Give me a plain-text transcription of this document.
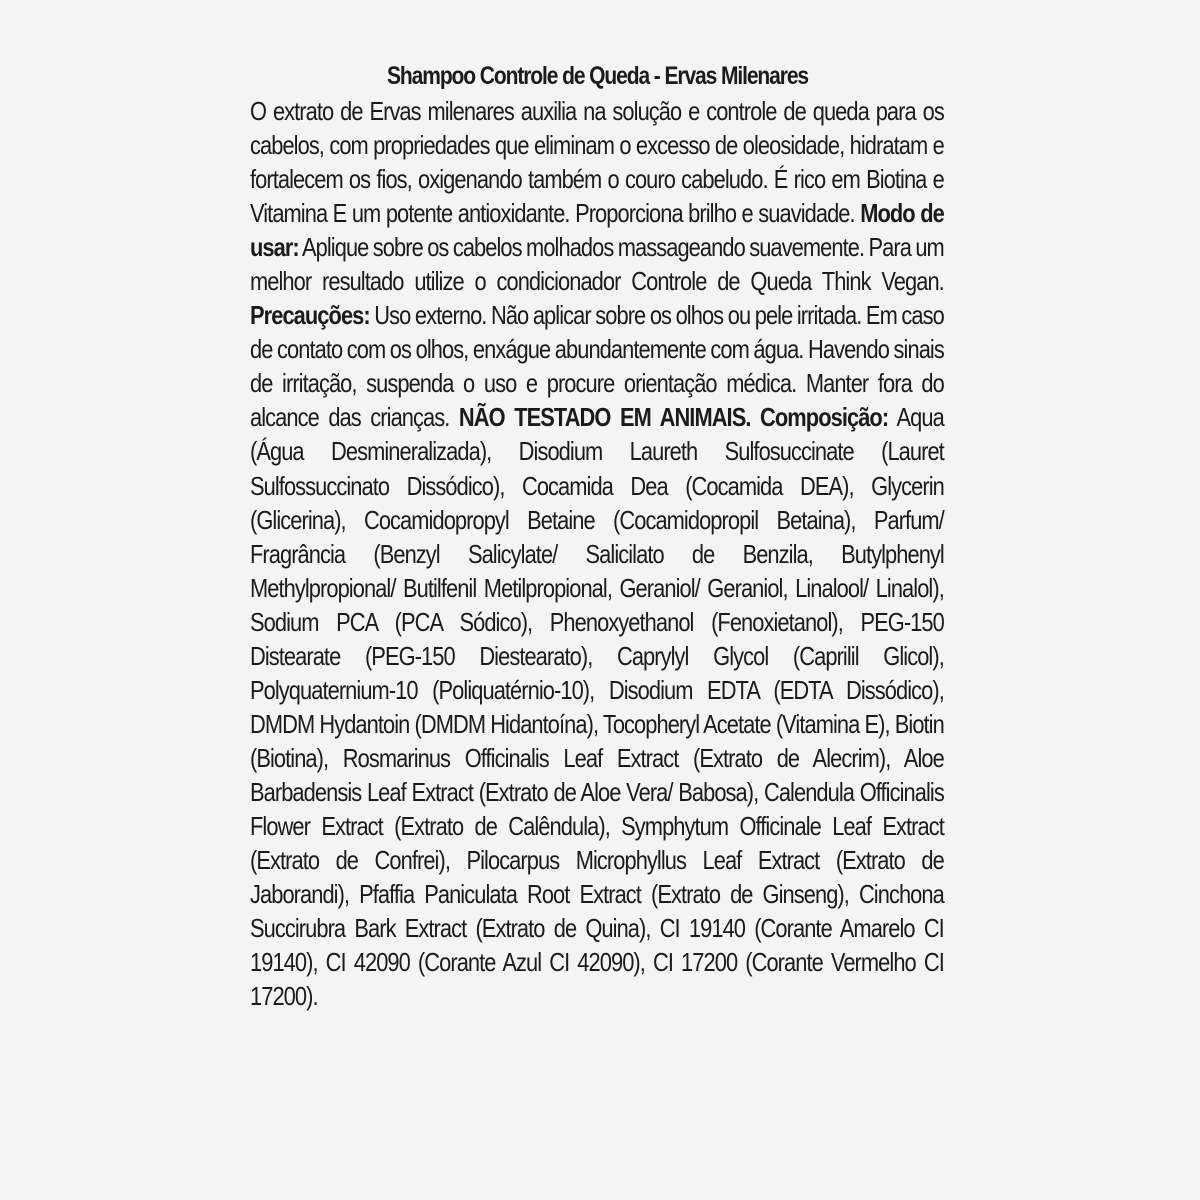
Shampoo Controle de Queda - Ervas Milenares

O extrato de Ervas milenares auxilia na solução e controle de queda para os cabelos, com propriedades que eliminam o excesso de oleosidade, hidratam e fortalecem os fios, oxigenando também o couro cabeludo. É rico em Biotina e Vitamina E um potente antioxidante. Proporciona brilho e suavidade. Modo de usar: Aplique sobre os cabelos molhados massageando suavemente. Para um melhor resultado utilize o condicionador Controle de Queda Think Vegan. Precauções: Uso externo. Não aplicar sobre os olhos ou pele irritada. Em caso de contato com os olhos, enxágue abundantemente com água. Havendo sinais de irritação, suspenda o uso e procure orientação médica. Manter fora do alcance das crianças. NÃO TESTADO EM ANIMAIS. Composição: Aqua (Água Desmineralizada), Disodium Laureth Sulfosuccinate (Lauret Sulfossuccinato Dissódico), Cocamida Dea (Cocamida DEA), Glycerin (Glicerina), Cocamidopropyl Betaine (Cocamidopropil Betaina), Parfum/ Fragrância (Benzyl Salicylate/ Salicilato de Benzila, Butylphenyl Methylpropional/ Butilfenil Metilpropional, Geraniol/ Geraniol, Linalool/ Linalol), Sodium PCA (PCA Sódico), Phenoxyethanol (Fenoxietanol), PEG-150 Distearate (PEG-150 Diestearato), Caprylyl Glycol (Caprilil Glicol), Polyquaternium-10 (Poliquatérnio-10), Disodium EDTA (EDTA Dissódico), DMDM Hydantoin (DMDM Hidantoína), Tocopheryl Acetate (Vitamina E), Biotin (Biotina), Rosmarinus Officinalis Leaf Extract (Extrato de Alecrim), Aloe Barbadensis Leaf Extract (Extrato de Aloe Vera/ Babosa), Calendula Officinalis Flower Extract (Extrato de Calêndula), Symphytum Officinale Leaf Extract (Extrato de Confrei), Pilocarpus Microphyllus Leaf Extract (Extrato de Jaborandi), Pfaffia Paniculata Root Extract (Extrato de Ginseng), Cinchona Succirubra Bark Extract (Extrato de Quina), CI 19140 (Corante Amarelo CI 19140), CI 42090 (Corante Azul CI 42090), CI 17200 (Corante Vermelho CI 17200).
